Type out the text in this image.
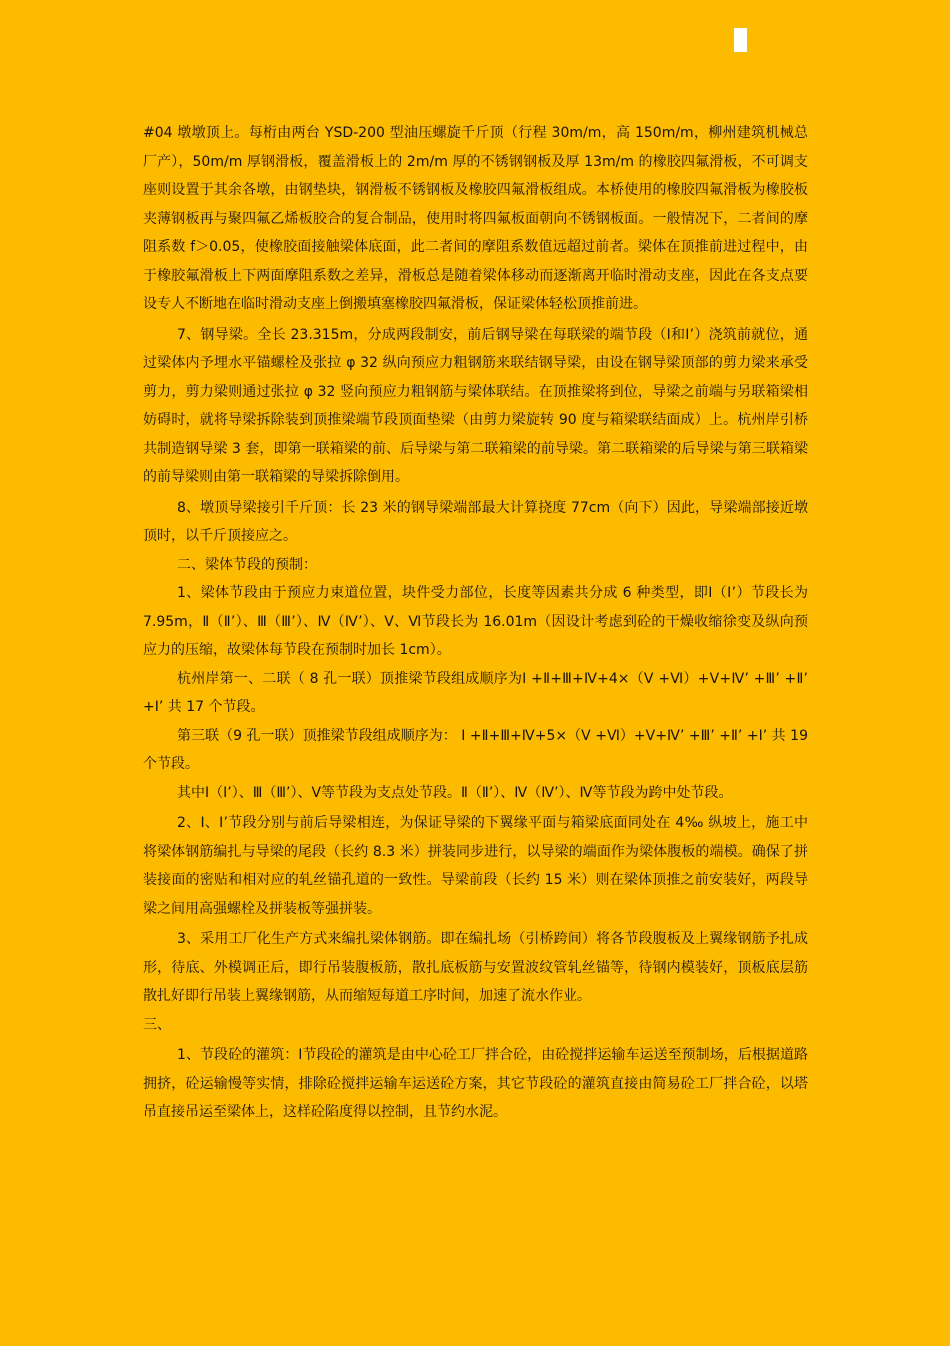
#04 墩墩顶上。每桁由两台 YSD-200 型油压螺旋千斤顶（行程 30m/m，高 150m/m，柳州建筑机械总厂产），50m/m 厚钢滑板，覆盖滑板上的 2m/m 厚的不锈钢钢板及厚 13m/m 的橡胶四氟滑板，不可调支座则设置于其余各墩，由钢垫块，钢滑板不锈钢板及橡胶四氟滑板组成。本桥使用的橡胶四氟滑板为橡胶板夹薄钢板再与聚四氟乙烯板胶合的复合制品，使用时将四氟板面朝向不锈钢板面。一般情况下，二者间的摩阻系数 f＞0.05，使橡胶面接触梁体底面，此二者间的摩阻系数值远超过前者。梁体在顶推前进过程中，由于橡胶氟滑板上下两面摩阻系数之差异，滑板总是随着梁体移动而逐渐离开临时滑动支座，因此在各支点要设专人不断地在临时滑动支座上倒搬填塞橡胶四氟滑板，保证梁体轻松顶推前进。

7、钢导梁。全长 23.315m，分成两段制安，前后钢导梁在每联梁的端节段（Ⅰ和Ⅰ’）浇筑前就位，通过梁体内予埋水平锚螺栓及张拉 φ 32 纵向预应力粗钢筋来联结钢导梁，由设在钢导梁顶部的剪力梁来承受剪力，剪力梁则通过张拉 φ 32 竖向预应力粗钢筋与梁体联结。在顶推梁将到位，导梁之前端与另联箱梁相妨碍时，就将导梁拆除装到顶推梁端节段顶面垫梁（由剪力梁旋转 90 度与箱梁联结面成）上。杭州岸引桥共制造钢导梁 3 套，即第一联箱梁的前、后导梁与第二联箱梁的前导梁。第二联箱梁的后导梁与第三联箱梁的前导梁则由第一联箱梁的导梁拆除倒用。

8、墩顶导梁接引千斤顶：长 23 米的钢导梁端部最大计算挠度 77cm（向下）因此，导梁端部接近墩顶时，以千斤顶接应之。

二、梁体节段的预制：

1、梁体节段由于预应力束道位置，块件受力部位，长度等因素共分成 6 种类型，即Ⅰ（Ⅰ’）节段长为 7.95m，Ⅱ（Ⅱ’）、Ⅲ（Ⅲ’）、Ⅳ（Ⅳ’）、Ⅴ、Ⅵ节段长为 16.01m（因设计考虑到砼的干燥收缩徐变及纵向预应力的压缩，故梁体每节段在预制时加长 1cm）。

杭州岸第一、二联（ 8 孔一联）顶推梁节段组成顺序为Ⅰ +Ⅱ+Ⅲ+Ⅳ+4×（Ⅴ +Ⅵ）+Ⅴ+Ⅳ’ +Ⅲ’ +Ⅱ’ +Ⅰ’ 共 17 个节段。

第三联（9 孔一联）顶推梁节段组成顺序为： Ⅰ +Ⅱ+Ⅲ+Ⅳ+5×（Ⅴ +Ⅵ）+Ⅴ+Ⅳ’ +Ⅲ’ +Ⅱ’ +Ⅰ’ 共 19 个节段。

其中Ⅰ（Ⅰ’）、Ⅲ（Ⅲ’）、Ⅴ等节段为支点处节段。Ⅱ（Ⅱ’）、Ⅳ（Ⅳ’）、Ⅳ等节段为跨中处节段。

2、Ⅰ、Ⅰ’节段分别与前后导梁相连，为保证导梁的下翼缘平面与箱梁底面同处在 4‰ 纵坡上，施工中将梁体钢筋编扎与导梁的尾段（长约 8.3 米）拼装同步进行，以导梁的端面作为梁体腹板的端模。确保了拼装接面的密贴和相对应的轧丝锚孔道的一致性。导梁前段（长约 15 米）则在梁体顶推之前安装好，两段导梁之间用高强螺栓及拼装板等强拼装。

3、采用工厂化生产方式来编扎梁体钢筋。即在编扎场（引桥跨间）将各节段腹板及上翼缘钢筋予扎成形，待底、外模调正后，即行吊装腹板筋，散扎底板筋与安置波纹管轧丝锚等，待钢内模装好，顶板底层筋散扎好即行吊装上翼缘钢筋，从而缩短每道工序时间，加速了流水作业。

三、

1、节段砼的灌筑：Ⅰ节段砼的灌筑是由中心砼工厂拌合砼，由砼搅拌运输车运送至预制场，后根据道路拥挤，砼运输慢等实情，排除砼搅拌运输车运送砼方案，其它节段砼的灌筑直接由简易砼工厂拌合砼，以塔吊直接吊运至梁体上，这样砼陷度得以控制，且节约水泥。
